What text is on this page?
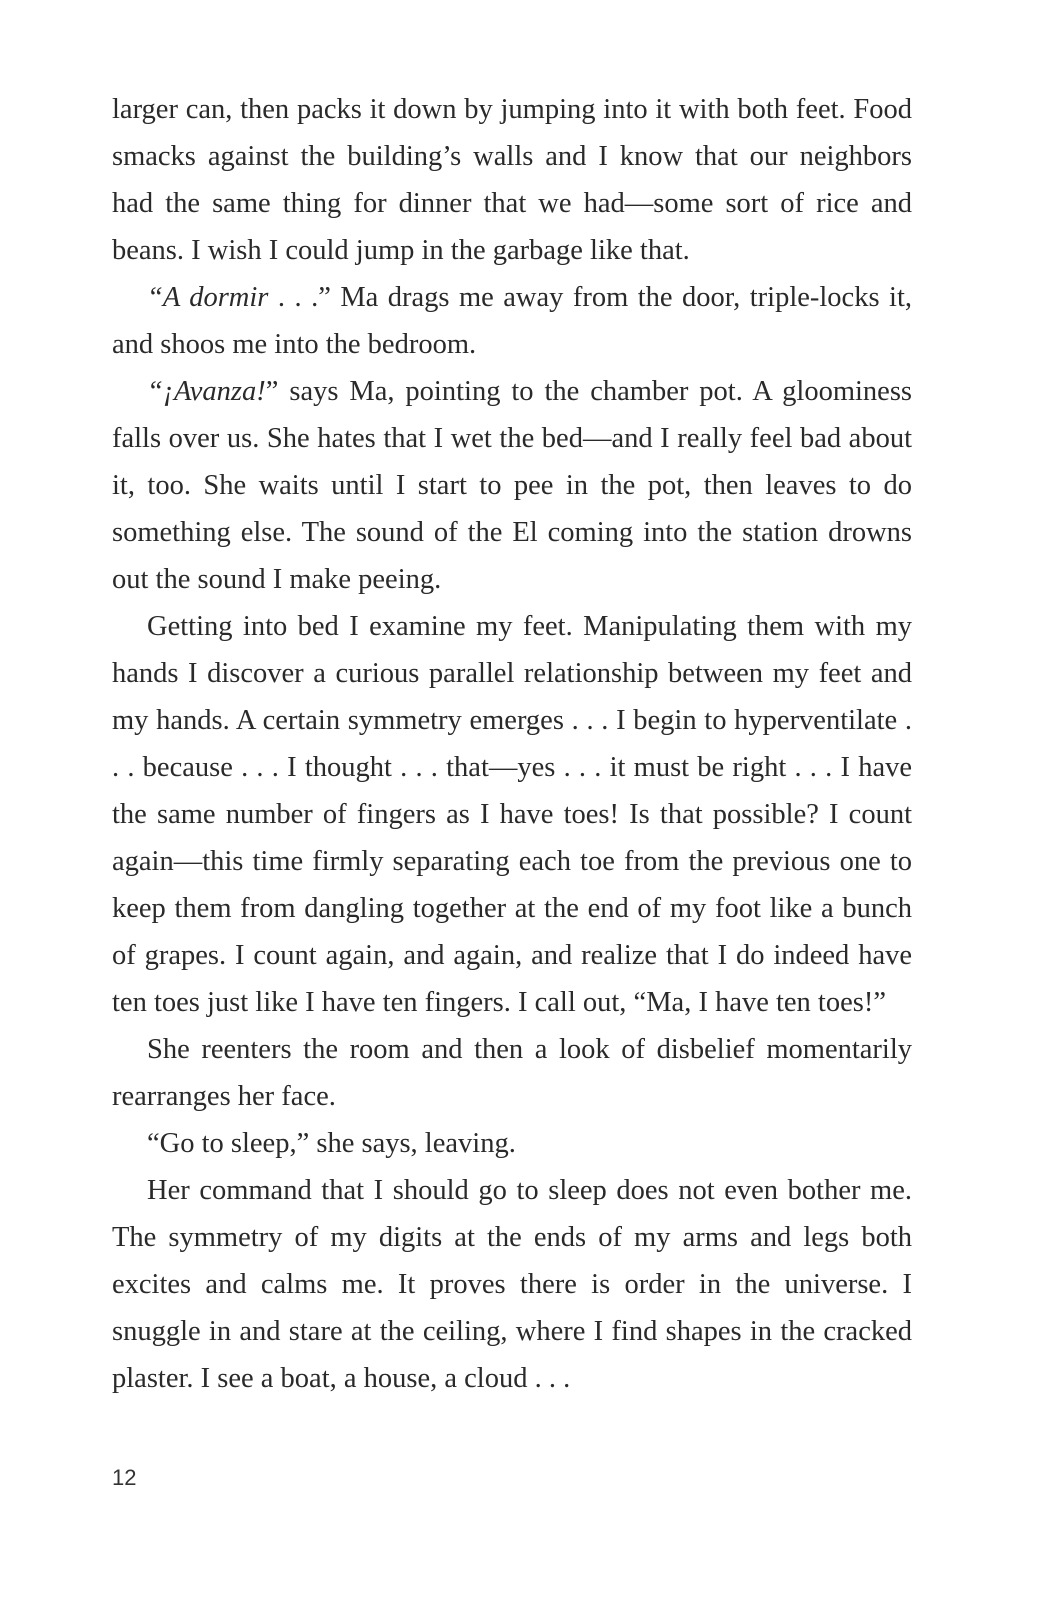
larger can, then packs it down by jumping into it with both feet. Food smacks against the building’s walls and I know that our neighbors had the same thing for dinner that we had—some sort of rice and beans. I wish I could jump in the garbage like that.

“A dormir . . .” Ma drags me away from the door, triple-locks it, and shoos me into the bedroom.

“¡Avanza!” says Ma, pointing to the chamber pot. A gloominess falls over us. She hates that I wet the bed—and I really feel bad about it, too. She waits until I start to pee in the pot, then leaves to do something else. The sound of the El coming into the station drowns out the sound I make peeing.

Getting into bed I examine my feet. Manipulating them with my hands I discover a curious parallel relationship between my feet and my hands. A certain symmetry emerges . . . I begin to hyperventilate . . . because . . . I thought . . . that—yes . . . it must be right . . . I have the same number of fingers as I have toes! Is that possible? I count again—this time firmly separating each toe from the previous one to keep them from dangling together at the end of my foot like a bunch of grapes. I count again, and again, and realize that I do indeed have ten toes just like I have ten fingers. I call out, “Ma, I have ten toes!”

She reenters the room and then a look of disbelief momentarily rearranges her face.

“Go to sleep,” she says, leaving.

Her command that I should go to sleep does not even bother me. The symmetry of my digits at the ends of my arms and legs both excites and calms me. It proves there is order in the universe. I snuggle in and stare at the ceiling, where I find shapes in the cracked plaster. I see a boat, a house, a cloud . . .

12
